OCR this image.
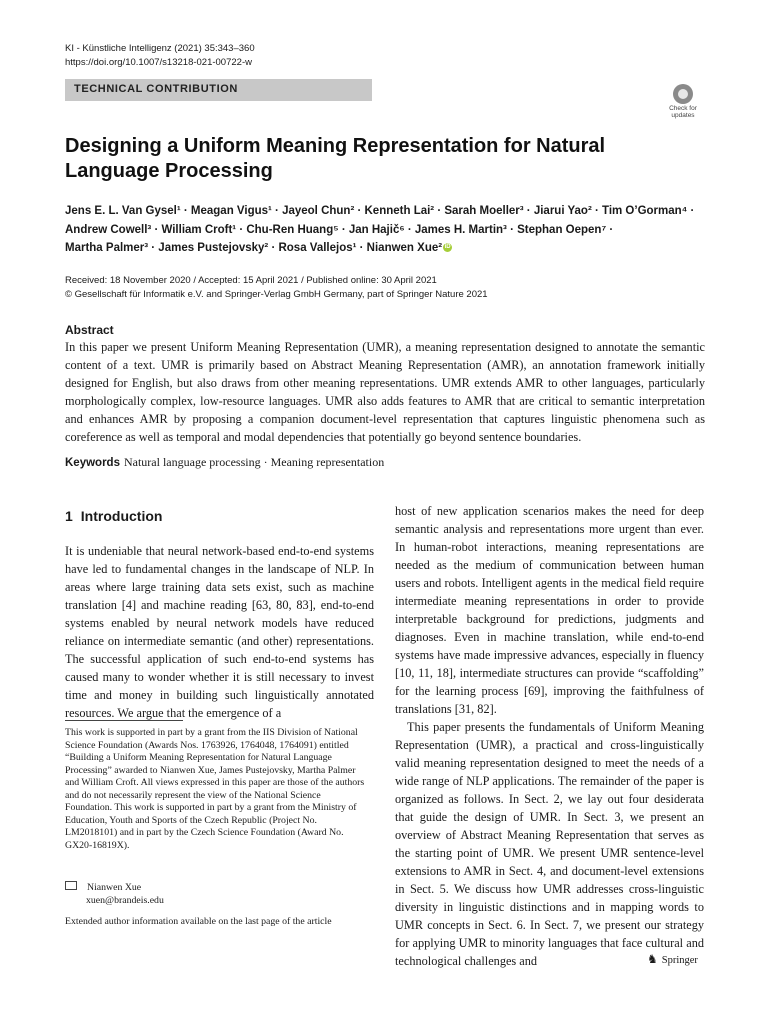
KI - Künstliche Intelligenz (2021) 35:343–360
https://doi.org/10.1007/s13218-021-00722-w
TECHNICAL CONTRIBUTION
Check for
updates
Designing a Uniform Meaning Representation for Natural Language Processing
Jens E. L. Van Gysel¹ · Meagan Vigus¹ · Jayeol Chun² · Kenneth Lai² · Sarah Moeller³ · Jiarui Yao² · Tim O’Gorman⁴ ·
Andrew Cowell³ · William Croft¹ · Chu-Ren Huang⁵ · Jan Hajič⁶ · James H. Martin³ · Stephan Oepen⁷ ·
Martha Palmer³ · James Pustejovsky² · Rosa Vallejos¹ · Nianwen Xue² iD
Received: 18 November 2020 / Accepted: 15 April 2021 / Published online: 30 April 2021
© Gesellschaft für Informatik e.V. and Springer-Verlag GmbH Germany, part of Springer Nature 2021
Abstract
In this paper we present Uniform Meaning Representation (UMR), a meaning representation designed to annotate the semantic content of a text. UMR is primarily based on Abstract Meaning Representation (AMR), an annotation framework initially designed for English, but also draws from other meaning representations. UMR extends AMR to other languages, particularly morphologically complex, low-resource languages. UMR also adds features to AMR that are critical to semantic interpretation and enhances AMR by proposing a companion document-level representation that captures linguistic phenomena such as coreference as well as temporal and modal dependencies that potentially go beyond sentence boundaries.
Keywords Natural language processing · Meaning representation
1 Introduction
It is undeniable that neural network-based end-to-end systems have led to fundamental changes in the landscape of NLP. In areas where large training data sets exist, such as machine translation [4] and machine reading [63, 80, 83], end-to-end systems enabled by neural network models have reduced reliance on intermediate semantic (and other) representations. The successful application of such end-to-end systems has caused many to wonder whether it is still necessary to invest time and money in building such linguistically annotated resources. We argue that the emergence of a

host of new application scenarios makes the need for deep semantic analysis and representations more urgent than ever. In human-robot interactions, meaning representations are needed as the medium of communication between human users and robots. Intelligent agents in the medical field require intermediate meaning representations in order to provide interpretable background for predictions, judgments and diagnoses. Even in machine translation, while end-to-end systems have made impressive advances, especially in fluency [10, 11, 18], intermediate structures can provide “scaffolding” for the learning process [69], improving the faithfulness of translations [31, 82].

This paper presents the fundamentals of Uniform Meaning Representation (UMR), a practical and cross-linguistically valid meaning representation designed to meet the needs of a wide range of NLP applications. The remainder of the paper is organized as follows. In Sect. 2, we lay out four desiderata that guide the design of UMR. In Sect. 3, we present an overview of Abstract Meaning Representation that serves as the starting point of UMR. We present UMR sentence-level extensions to AMR in Sect. 4, and document-level extensions in Sect. 5. We discuss how UMR addresses cross-linguistic diversity in linguistic distinctions and in mapping words to UMR concepts in Sect. 6. In Sect. 7, we present our strategy for applying UMR to minority languages that face cultural and technological challenges and

This work is supported in part by a grant from the IIS Division of National Science Foundation (Awards Nos. 1763926, 1764048, 1764091) entitled “Building a Uniform Meaning Representation for Natural Language Processing” awarded to Nianwen Xue, James Pustejovsky, Martha Palmer and William Croft. All views expressed in this paper are those of the authors and do not necessarily represent the view of the National Science Foundation. This work is supported in part by a grant from the Ministry of Education, Youth and Sports of the Czech Republic (Project No. LM2018101) and in part by the Czech Science Foundation (Award No. GX20-16819X).
Nianwen Xue
xuen@brandeis.edu
Extended author information available on the last page of the article
♞ Springer
